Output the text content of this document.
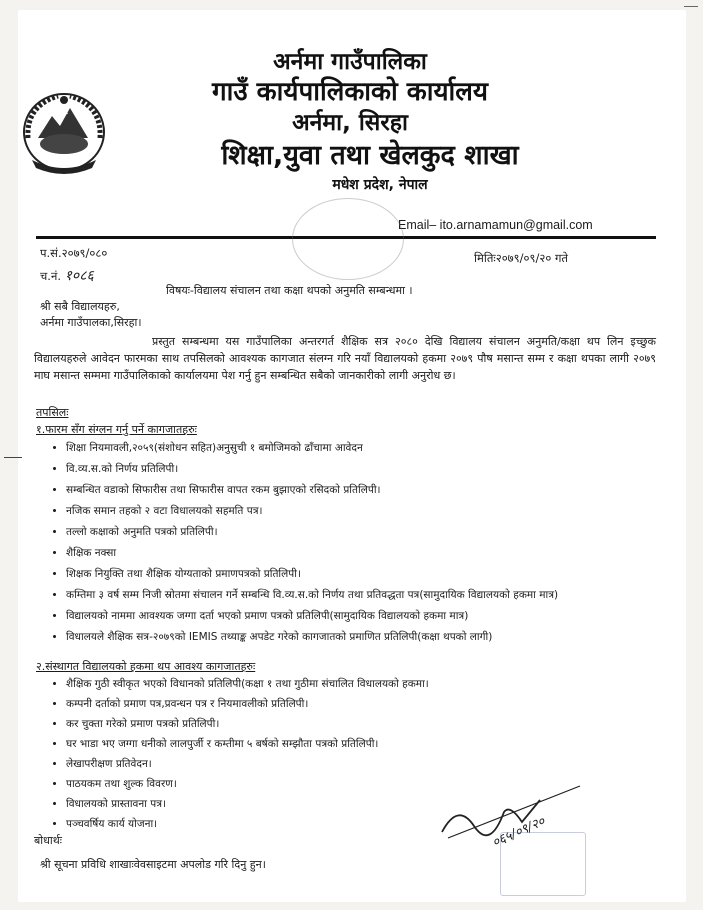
अर्नमा गाउँपालिका
गाउँ कार्यपालिकाको कार्यालय
अर्नमा, सिरहा
शिक्षा,युवा तथा खेलकुद शाखा
मधेश प्रदेश, नेपाल
Email– ito.arnamamun@gmail.com
प.सं.२०७९/०८०
च.नं. १०८६
मितिः२०७९/०९/२० गते
विषयः-विद्यालय संचालन तथा कक्षा थपको अनुमति सम्बन्धमा ।
श्री सबै विद्यालयहरु,
अर्नमा गाउँपालका,सिरहा।
प्रस्तुत सम्बन्धमा यस गाउँपालिका अन्तरगर्त शैक्षिक सत्र २०८० देखि विद्यालय संचालन अनुमति/कक्षा थप लिन इच्छुक विद्यालयहरुले आवेदन फारमका साथ तपसिलको आवश्यक कागजात संलग्न गरि नयाँ विद्यालयको हकमा २०७९ पौष मसान्त सम्म र कक्षा थपका लागी २०७९ माघ मसान्त सम्ममा गाउँपालिकाको कार्यालयमा पेश गर्नु हुन सम्बन्धित सबैको जानकारीको लागी अनुरोध छ।
तपसिलः
१.फारम सँग संग्लन गर्नु पर्ने कागजातहरुः
• शिक्षा नियमावली,२०५९(संशोधन सहित)अनुसुची १ बमोजिमको ढाँचामा आवेदन
• वि.व्य.स.को निर्णय प्रतिलिपी।
• सम्बन्धित वडाको सिफारीस तथा सिफारीस वापत रकम बुझाएको रसिदको प्रतिलिपी।
• नजिक समान तहको २ वटा विधालयको सहमति पत्र।
• तल्लो कक्षाको अनुमति पत्रको प्रतिलिपी।
• शैक्षिक नक्सा
• शिक्षक नियुक्ति तथा शैक्षिक योग्यताको प्रमाणपत्रको प्रतिलिपी।
• कम्तिमा ३ वर्ष सम्म निजी स्रोतमा संचालन गर्ने सम्बन्धि वि.व्य.स.को निर्णय तथा प्रतिवद्धता पत्र(सामुदायिक विद्यालयको हकमा मात्र)
• विद्यालयको नाममा आवश्यक जग्गा दर्ता भएको प्रमाण पत्रको प्रतिलिपी(सामुदायिक विद्यालयको हकमा मात्र)
• विधालयले शैक्षिक सत्र-२०७९को IEMIS तथ्याङ्क अपडेट गरेको कागजातको प्रमाणित प्रतिलिपी(कक्षा थपको लागी)
२.संस्थागत विद्यालयको हकमा थप आवश्य कागजातहरुः
• शैक्षिक गुठी स्वीकृत भएको विधानको प्रतिलिपी(कक्षा १ तथा गुठीमा संचालित विधालयको हकमा।
• कम्पनी दर्ताको प्रमाण पत्र,प्रवन्धन पत्र र नियमावलीको प्रतिलिपी।
• कर चुक्ता गरेको प्रमाण पत्रको प्रतिलिपी।
• घर भाडा भए जग्गा धनीको लालपुर्जी र कम्तीमा ५ बर्षको सम्झौता पत्रको प्रतिलिपी।
• लेखापरीक्षण प्रतिवेदन।
• पाठयकम तथा शुल्क विवरण।
• विधालयको प्रास्तावना पत्र।
• पञ्चवर्षिय कार्य योजना।
बोधार्थः
श्री सूचना प्रविधि शाखाःवेवसाइटमा अपलोड गरि दिनु हुन।
०६५/०९/२०
